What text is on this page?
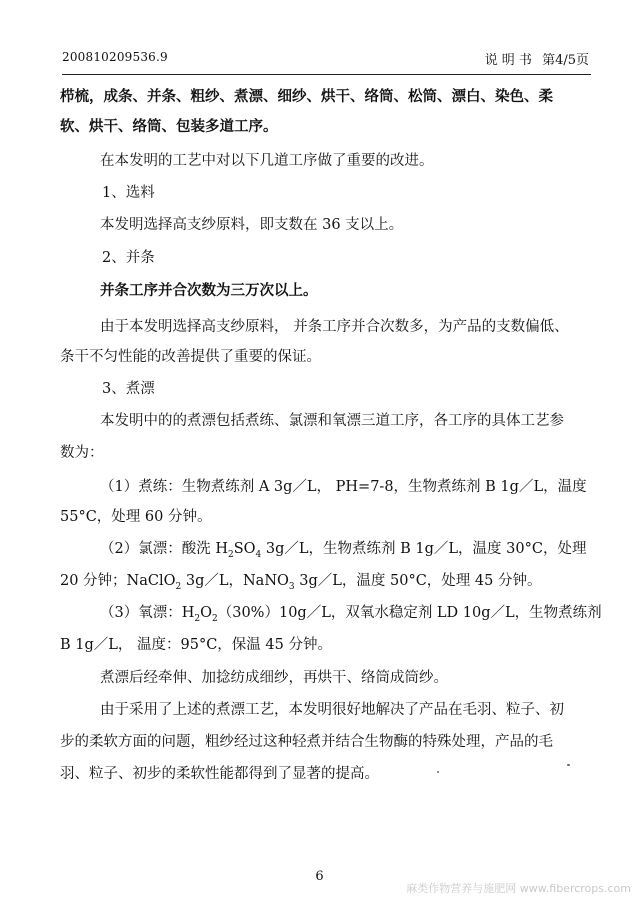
200810209536.9	说 明 书 第4/5页
栉梳，成条、并条、粗纱、煮漂、细纱、烘干、络筒、松筒、漂白、染色、柔
软、烘干、络筒、包装多道工序。
在本发明的工艺中对以下几道工序做了重要的改进。
1、选料
本发明选择高支纱原料，即支数在 36 支以上。
2、并条
并条工序并合次数为三万次以上。
由于本发明选择高支纱原料， 并条工序并合次数多，为产品的支数偏低、
条干不匀性能的改善提供了重要的保证。
3、煮漂
本发明中的的煮漂包括煮练、氯漂和氧漂三道工序，各工序的具体工艺参
数为：
（1）煮练：生物煮练剂 A 3g／L， PH=7-8，生物煮练剂 B 1g／L，温度
55°C，处理 60 分钟。
（2）氯漂：酸洗 $H_2SO_4$ 3g／L，生物煮练剂 B 1g／L，温度 30°C，处理
20 分钟；NaClO$_2$ 3g／L，NaNO$_3$ 3g／L，温度 50°C，处理 45 分钟。
（3）氧漂：$H_2O_2(30\%)10g/L$，双氧水稳定剂 LD 10g／L，生物煮练剂
B 1g／L， 温度：95°C，保温 45 分钟。
煮漂后经牵伸、加捻纺成细纱，再烘干、络筒成筒纱。
由于采用了上述的煮漂工艺，本发明很好地解决了产品在毛羽、粒子、初
步的柔软方面的问题，粗纱经过这种轻煮并结合生物酶的特殊处理，产品的毛
羽、粒子、初步的柔软性能都得到了显著的提高。
6
麻类作物营养与施肥网 www.fibercrops.com
